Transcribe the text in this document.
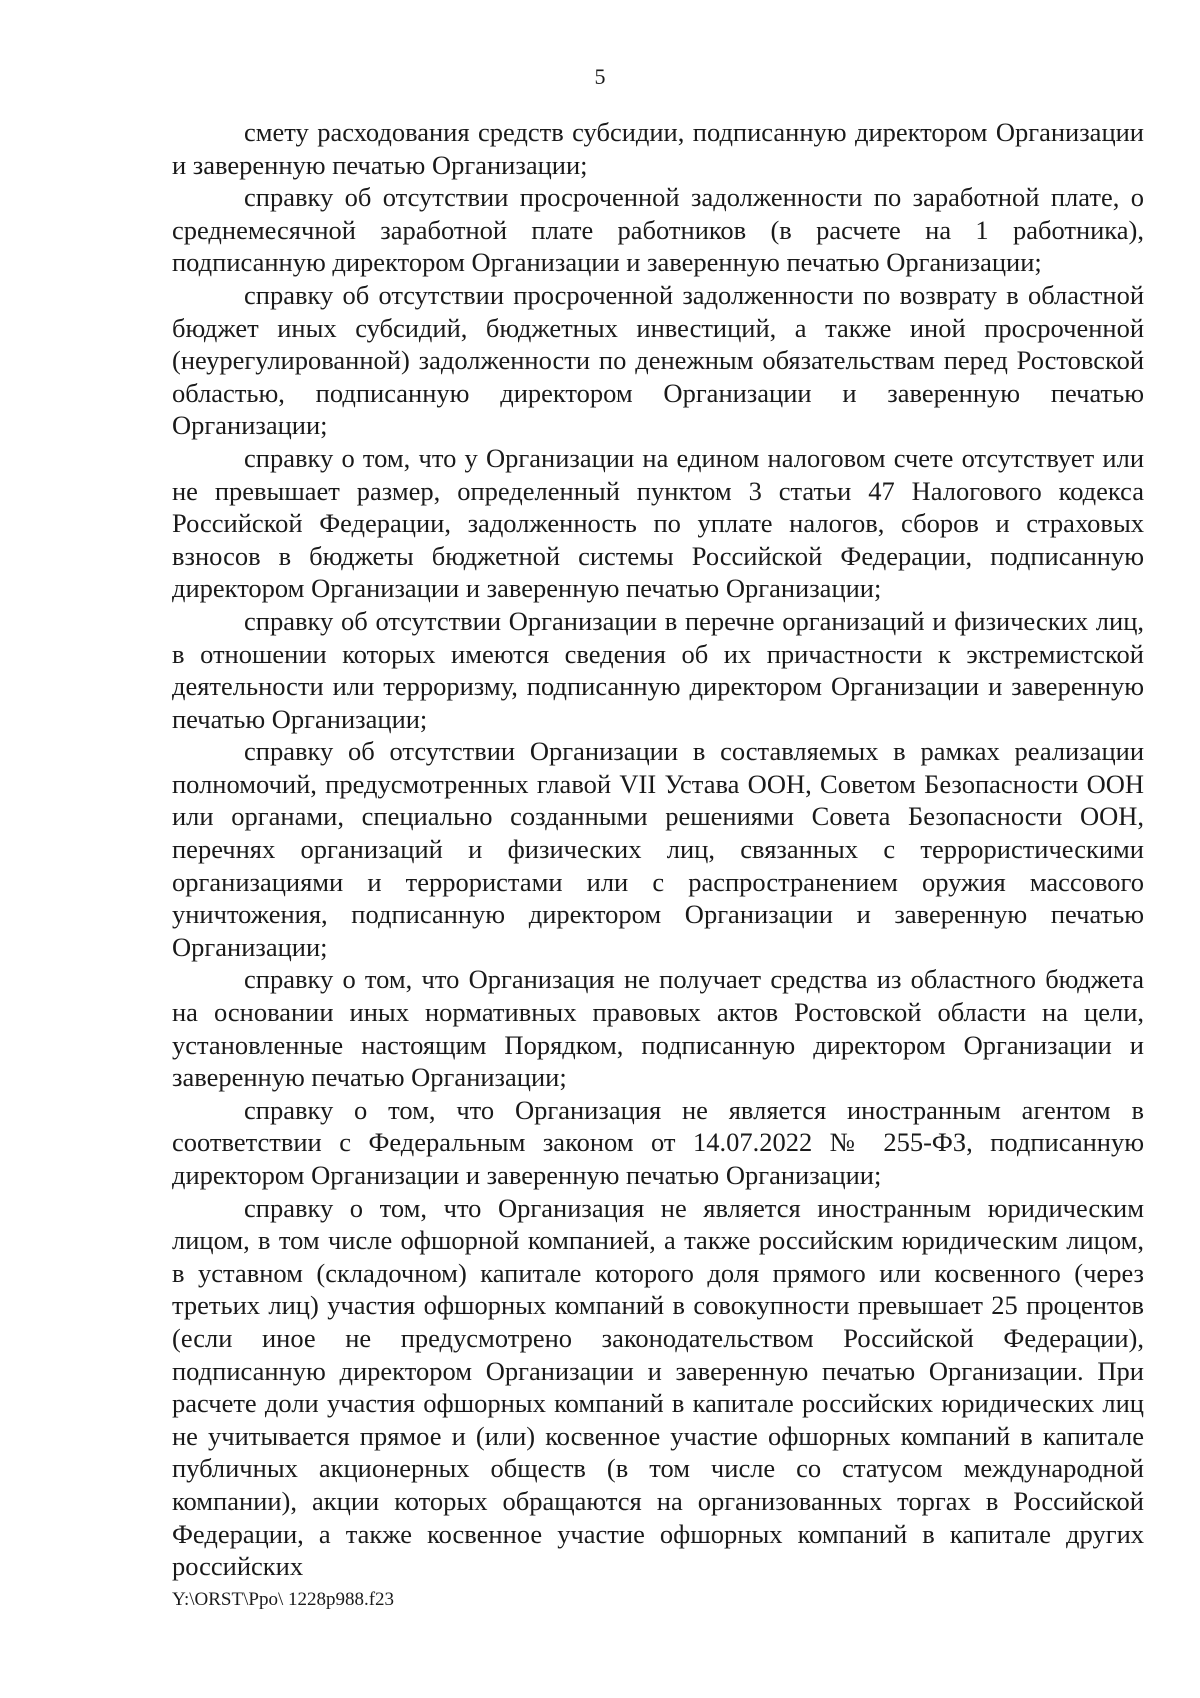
5

смету расходования средств субсидии, подписанную директором Организации и заверенную печатью Организации;

справку об отсутствии просроченной задолженности по заработной плате, о среднемесячной заработной плате работников (в расчете на 1 работника), подписанную директором Организации и заверенную печатью Организации;

справку об отсутствии просроченной задолженности по возврату в областной бюджет иных субсидий, бюджетных инвестиций, а также иной просроченной (неурегулированной) задолженности по денежным обязательствам перед Ростовской областью, подписанную директором Организации и заверенную печатью Организации;

справку о том, что у Организации на едином налоговом счете отсутствует или не превышает размер, определенный пунктом 3 статьи 47 Налогового кодекса Российской Федерации, задолженность по уплате налогов, сборов и страховых взносов в бюджеты бюджетной системы Российской Федерации, подписанную директором Организации и заверенную печатью Организации;

справку об отсутствии Организации в перечне организаций и физических лиц, в отношении которых имеются сведения об их причастности к экстремистской деятельности или терроризму, подписанную директором Организации и заверенную печатью Организации;

справку об отсутствии Организации в составляемых в рамках реализации полномочий, предусмотренных главой VII Устава ООН, Советом Безопасности ООН или органами, специально созданными решениями Совета Безопасности ООН, перечнях организаций и физических лиц, связанных с террористическими организациями и террористами или с распространением оружия массового уничтожения, подписанную директором Организации и заверенную печатью Организации;

справку о том, что Организация не получает средства из областного бюджета на основании иных нормативных правовых актов Ростовской области на цели, установленные настоящим Порядком, подписанную директором Организации и заверенную печатью Организации;

справку о том, что Организация не является иностранным агентом в соответствии с Федеральным законом от 14.07.2022 № 255-ФЗ, подписанную директором Организации и заверенную печатью Организации;

справку о том, что Организация не является иностранным юридическим лицом, в том числе офшорной компанией, а также российским юридическим лицом, в уставном (складочном) капитале которого доля прямого или косвенного (через третьих лиц) участия офшорных компаний в совокупности превышает 25 процентов (если иное не предусмотрено законодательством Российской Федерации), подписанную директором Организации и заверенную печатью Организации. При расчете доли участия офшорных компаний в капитале российских юридических лиц не учитывается прямое и (или) косвенное участие офшорных компаний в капитале публичных акционерных обществ (в том числе со статусом международной компании), акции которых обращаются на организованных торгах в Российской Федерации, а также косвенное участие офшорных компаний в капитале других российских

Y:\ORST\Ppo\ 1228p988.f23
